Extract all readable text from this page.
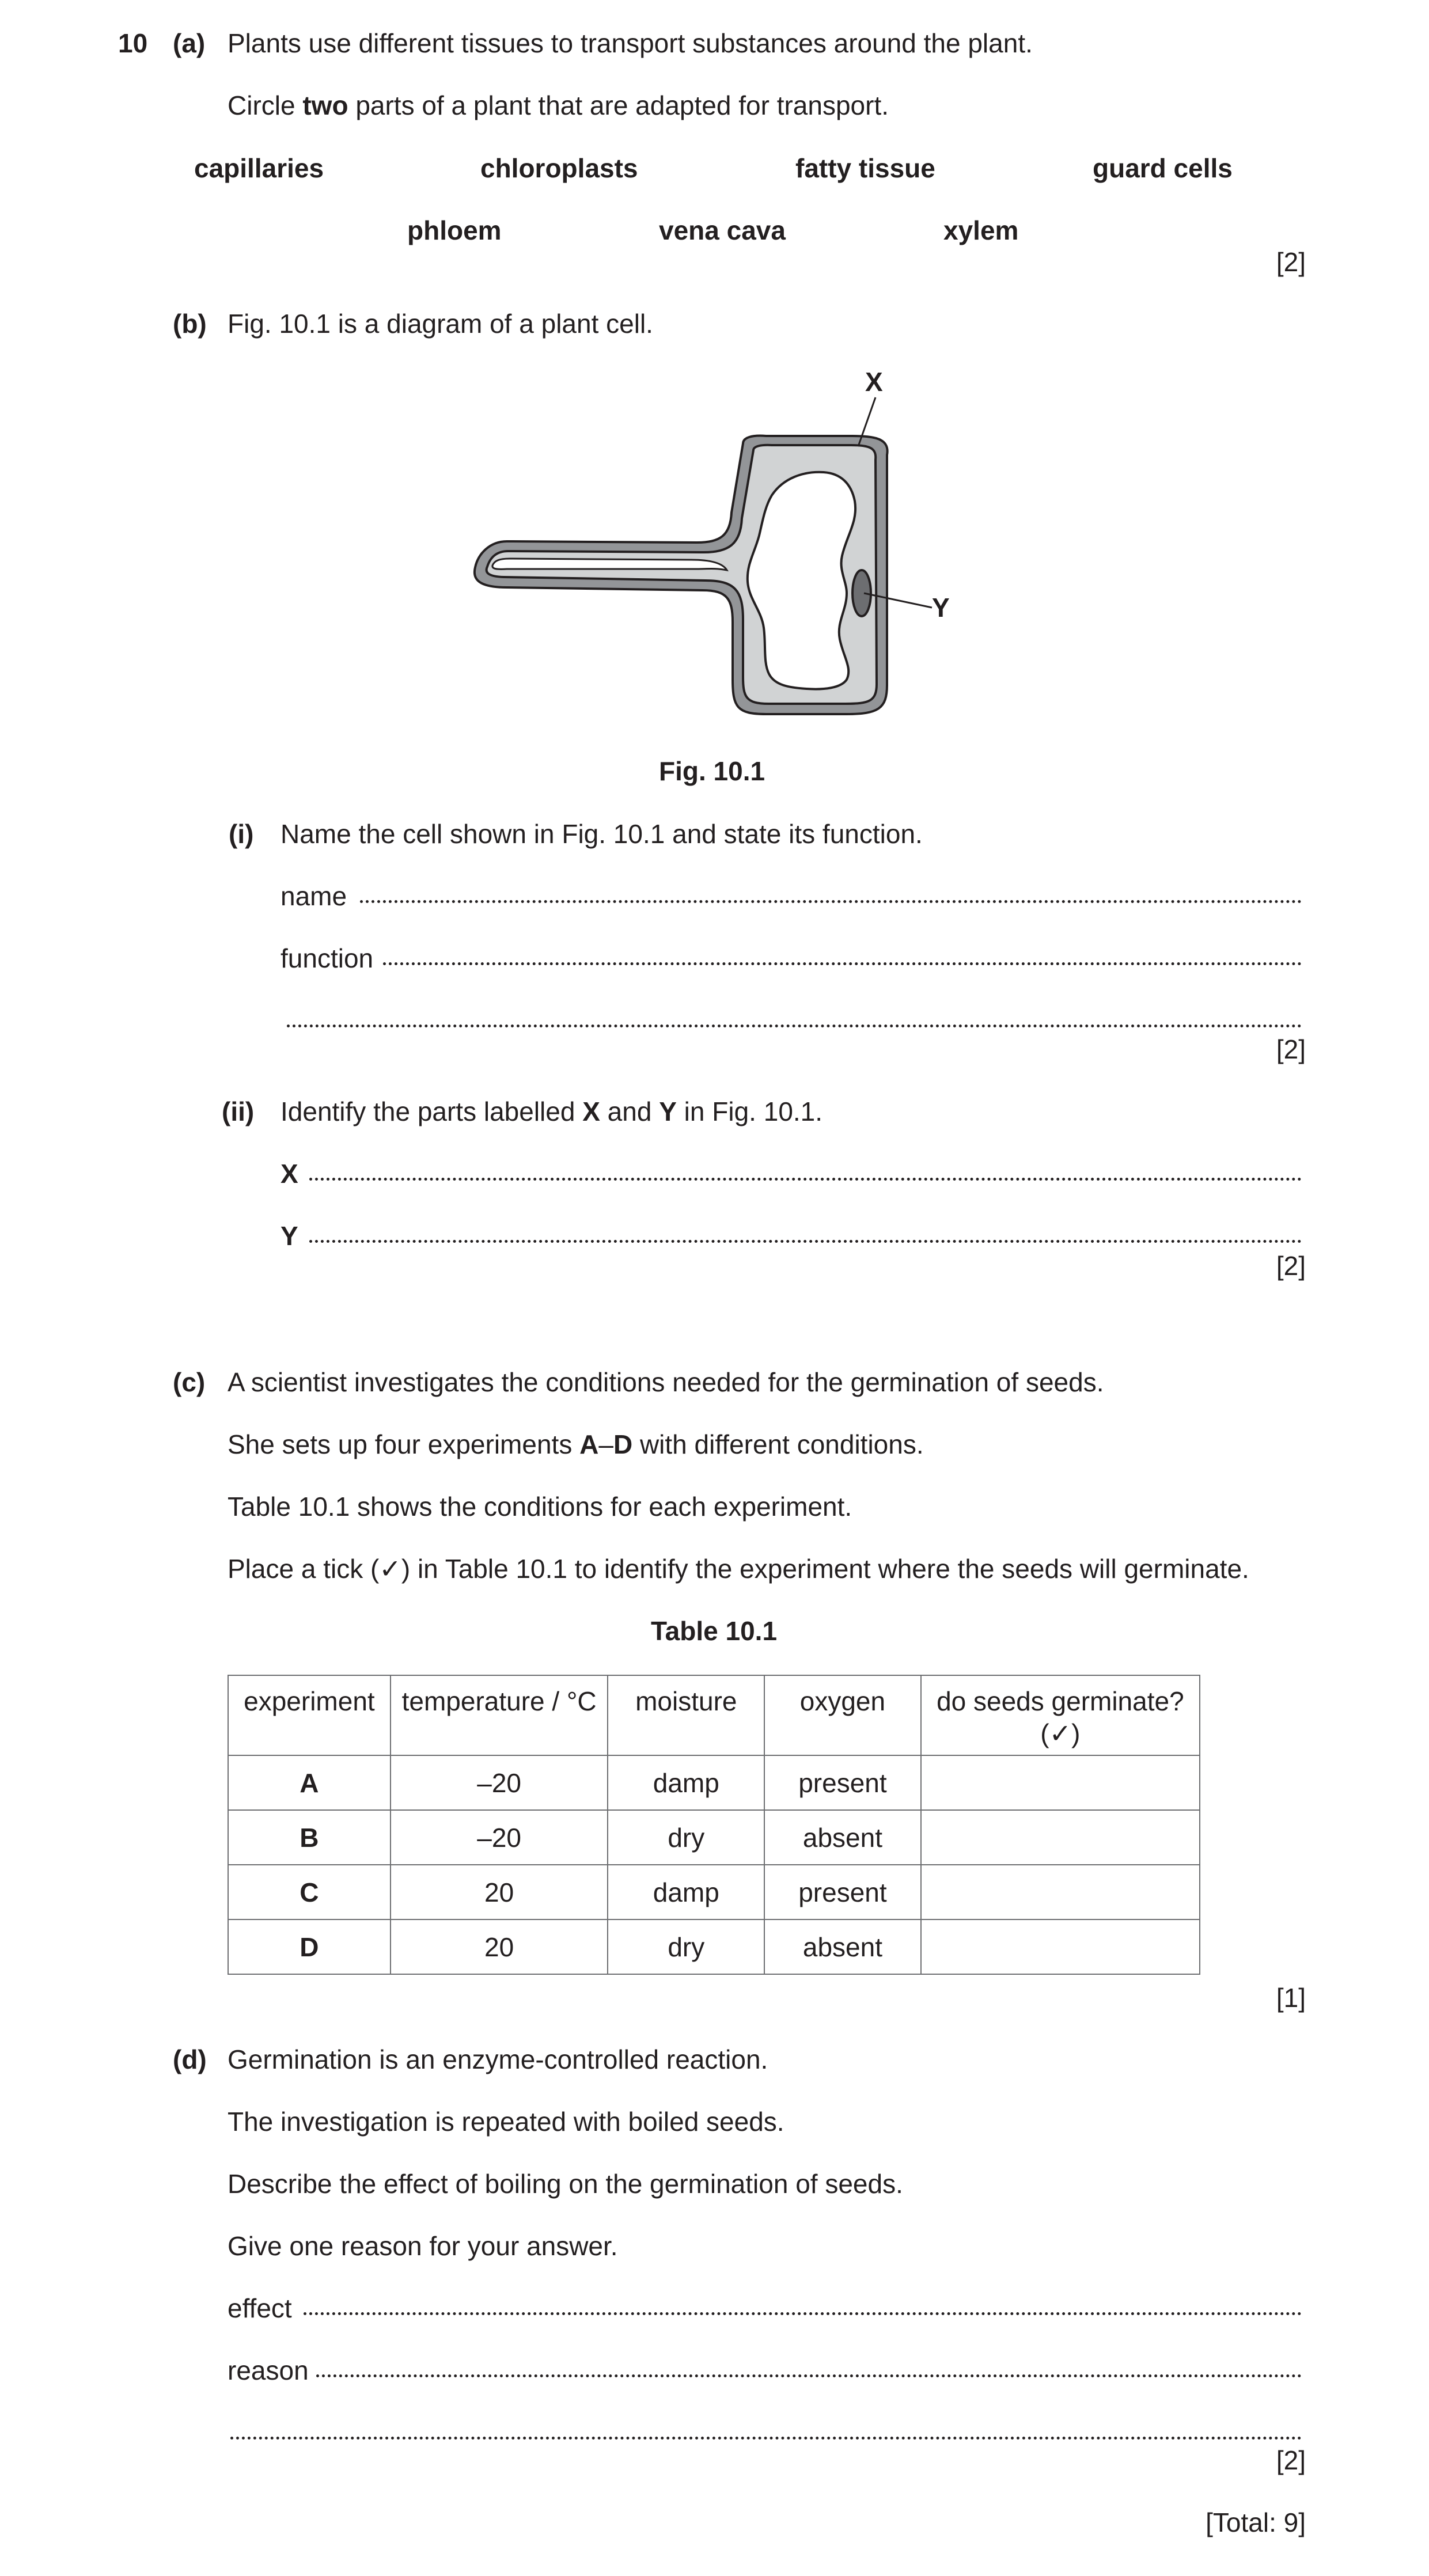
10 (a) Plants use different tissues to transport substances around the plant.
Circle two parts of a plant that are adapted for transport.
capillaries	chloroplasts	fatty tissue	guard cells
phloem	vena cava	xylem
[2]
(b) Fig. 10.1 is a diagram of a plant cell.
X
Y
Fig. 10.1
(i) Name the cell shown in Fig. 10.1 and state its function.
name
function
[2]
(ii) Identify the parts labelled X and Y in Fig. 10.1.
X
Y
[2]
(c) A scientist investigates the conditions needed for the germination of seeds.
She sets up four experiments A–D with different conditions.
Table 10.1 shows the conditions for each experiment.
Place a tick (✓) in Table 10.1 to identify the experiment where the seeds will germinate.
Table 10.1
experiment	temperature / °C	moisture	oxygen	do seeds germinate?
(✓)
A	–20	damp	present	
B	–20	dry	absent	
C	20	damp	present	
D	20	dry	absent	
[1]
(d) Germination is an enzyme-controlled reaction.
The investigation is repeated with boiled seeds.
Describe the effect of boiling on the germination of seeds.
Give one reason for your answer.
effect
reason
[2]
[Total: 9]
